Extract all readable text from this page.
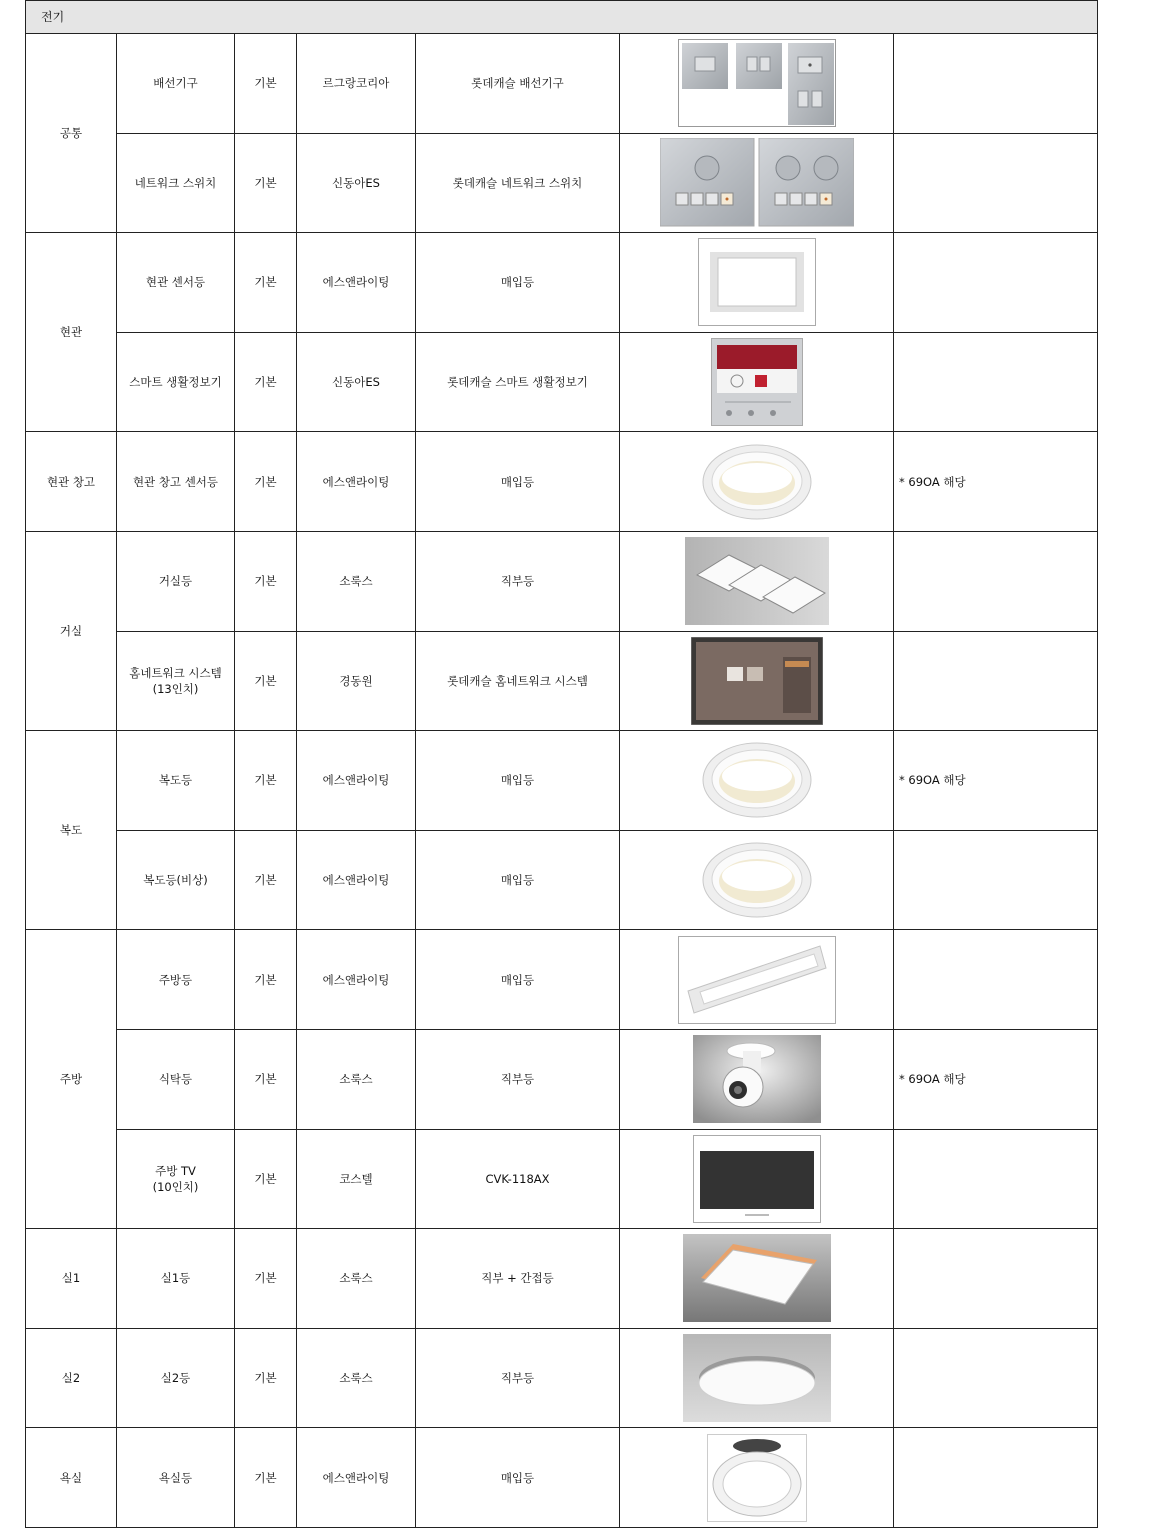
전기						
공통	배선기구	기본	르그랑코리아	롯데캐슬 배선기구	

	네트워크 스위치	기본	신동아ES	롯데캐슬 네트워크 스위치	

현관	현관 센서등	기본	에스앤라이팅	매입등	

	스마트 생활정보기	기본	신동아ES	롯데캐슬 스마트 생활정보기	

현관 창고	현관 창고 센서등	기본	에스앤라이팅	매입등		* 69OA 해당
거실	거실등	기본	소룩스	직부등	

	홈네트워크 시스템
(13인치)	기본	경동원	롯데캐슬 홈네트워크 시스템	

복도	복도등	기본	에스앤라이팅	매입등		* 69OA 해당
	복도등(비상)	기본	에스앤라이팅	매입등	

주방	주방등	기본	에스앤라이팅	매입등	

	식탁등	기본	소룩스	직부등		* 69OA 해당
	주방 TV
(10인치)	기본	코스텔	CVK-118AX	

실1	실1등	기본	소룩스	직부 + 간접등	

실2	실2등	기본	소룩스	직부등	

욕실	욕실등	기본	에스앤라이팅	매입등	
